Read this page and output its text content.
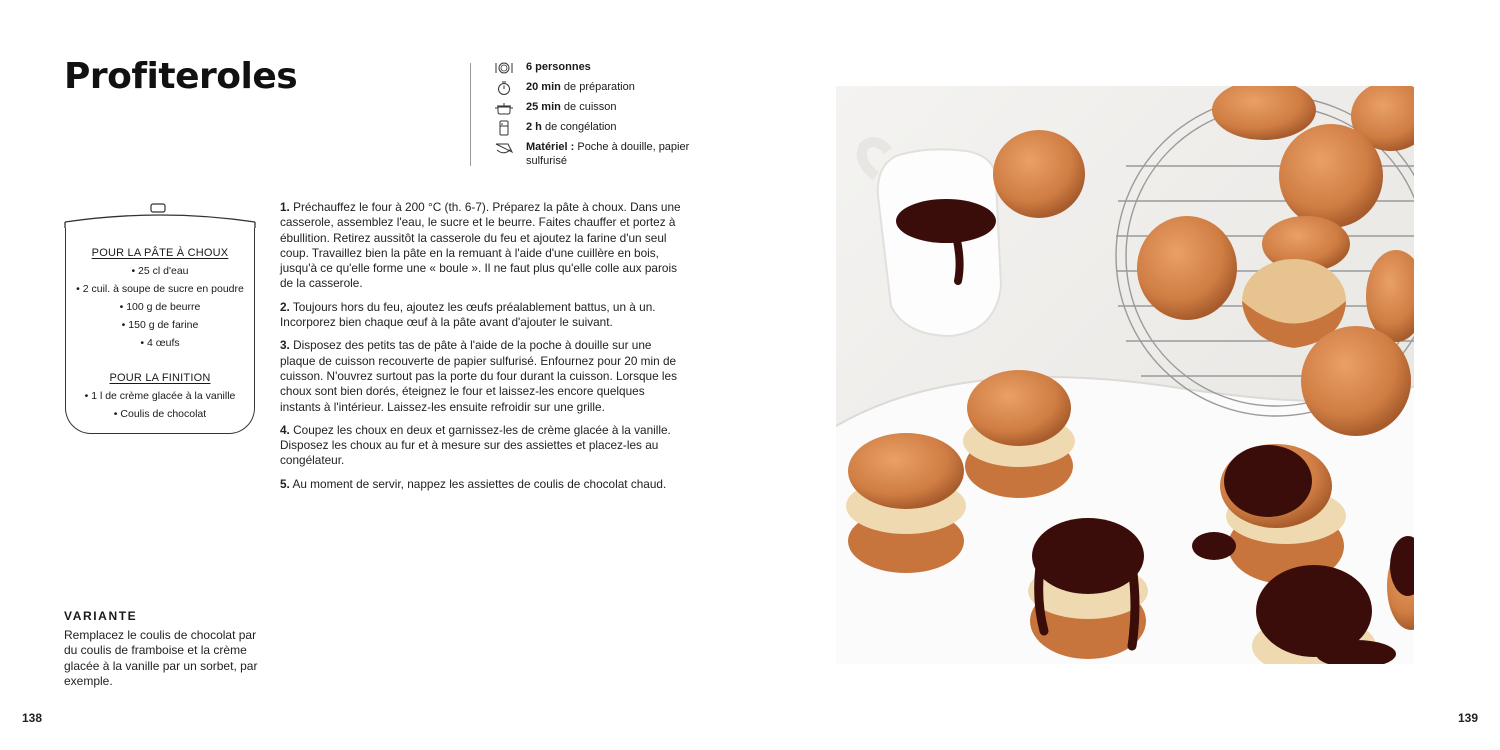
Profiteroles	6 personnes
20 min de préparation
25 min de cuisson
2 h de congélation
Matériel : Poche à douille, papier sulfurisé
POUR LA PÂTE À CHOUX
• 25 cl d'eau
• 2 cuil. à soupe de sucre en poudre
• 100 g de beurre
• 150 g de farine
• 4 œufs
POUR LA FINITION
• 1 l de crème glacée à la vanille
• Coulis de chocolat

1. Préchauffez le four à 200 °C (th. 6-7). Préparez la pâte à choux. Dans une casserole, assemblez l'eau, le sucre et le beurre. Faites chauffer et portez à ébullition. Retirez aussitôt la casserole du feu et ajoutez la farine d'un seul coup. Travaillez bien la pâte en la remuant à l'aide d'une cuillère en bois, jusqu'à ce qu'elle forme une « boule ». Il ne faut plus qu'elle colle aux parois de la casserole.

2. Toujours hors du feu, ajoutez les œufs préalablement battus, un à un. Incorporez bien chaque œuf à la pâte avant d'ajouter le suivant.

3. Disposez des petits tas de pâte à l'aide de la poche à douille sur une plaque de cuisson recouverte de papier sulfurisé. Enfournez pour 20 min de cuisson. N'ouvrez surtout pas la porte du four durant la cuisson. Lorsque les choux sont bien dorés, éteignez le four et laissez-les encore quelques instants à l'intérieur. Laissez-les ensuite refroidir sur une grille.

4. Coupez les choux en deux et garnissez-les de crème glacée à la vanille. Disposez les choux au fur et à mesure sur des assiettes et placez-les au congélateur.

5. Au moment de servir, nappez les assiettes de coulis de chocolat chaud.

VARIANTE
Remplacez le coulis de chocolat par du coulis de framboise et la crème glacée à la vanille par un sorbet, par exemple.
138	139
